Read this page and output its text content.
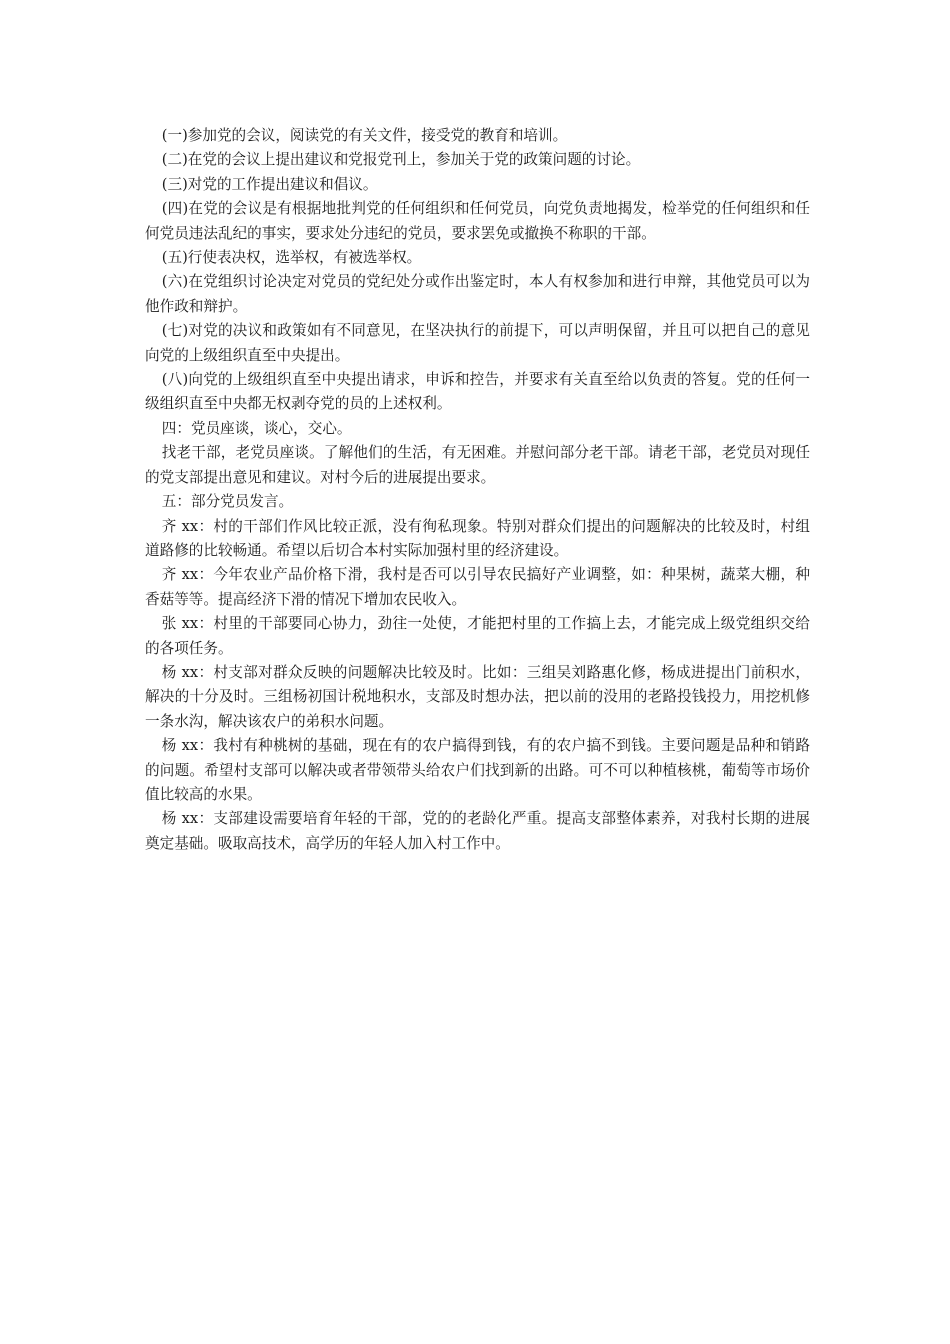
(一)参加党的会议，阅读党的有关文件，接受党的教育和培训。

(二)在党的会议上提出建议和党报党刊上，参加关于党的政策问题的讨论。

(三)对党的工作提出建议和倡议。

(四)在党的会议是有根据地批判党的任何组织和任何党员，向党负责地揭发，检举党的任何组织和任何党员违法乱纪的事实，要求处分违纪的党员，要求罢免或撤换不称职的干部。

(五)行使表决权，选举权，有被选举权。

(六)在党组织讨论决定对党员的党纪处分或作出鉴定时，本人有权参加和进行申辩，其他党员可以为他作政和辩护。

(七)对党的决议和政策如有不同意见，在坚决执行的前提下，可以声明保留，并且可以把自己的意见向党的上级组织直至中央提出。

(八)向党的上级组织直至中央提出请求，申诉和控告，并要求有关直至给以负责的答复。党的任何一级组织直至中央都无权剥夺党的员的上述权利。

四：党员座谈，谈心，交心。

找老干部，老党员座谈。了解他们的生活，有无困难。并慰问部分老干部。请老干部，老党员对现任的党支部提出意见和建议。对村今后的进展提出要求。

五：部分党员发言。

齐 xx：村的干部们作风比较正派，没有徇私现象。特别对群众们提出的问题解决的比较及时，村组道路修的比较畅通。希望以后切合本村实际加强村里的经济建设。

齐 xx：今年农业产品价格下滑，我村是否可以引导农民搞好产业调整，如：种果树，蔬菜大棚，种香菇等等。提高经济下滑的情况下增加农民收入。

张 xx：村里的干部要同心协力，劲往一处使，才能把村里的工作搞上去，才能完成上级党组织交给的各项任务。

杨 xx：村支部对群众反映的问题解决比较及时。比如：三组吴刘路惠化修，杨成进提出门前积水，解决的十分及时。三组杨初国计税地积水，支部及时想办法，把以前的没用的老路投钱投力，用挖机修一条水沟，解决该农户的弟积水问题。

杨 xx：我村有种桃树的基础，现在有的农户搞得到钱，有的农户搞不到钱。主要问题是品种和销路的问题。希望村支部可以解决或者带领带头给农户们找到新的出路。可不可以种植核桃，葡萄等市场价值比较高的水果。

杨 xx：支部建设需要培育年轻的干部，党的的老龄化严重。提高支部整体素养，对我村长期的进展奠定基础。吸取高技术，高学历的年轻人加入村工作中。
